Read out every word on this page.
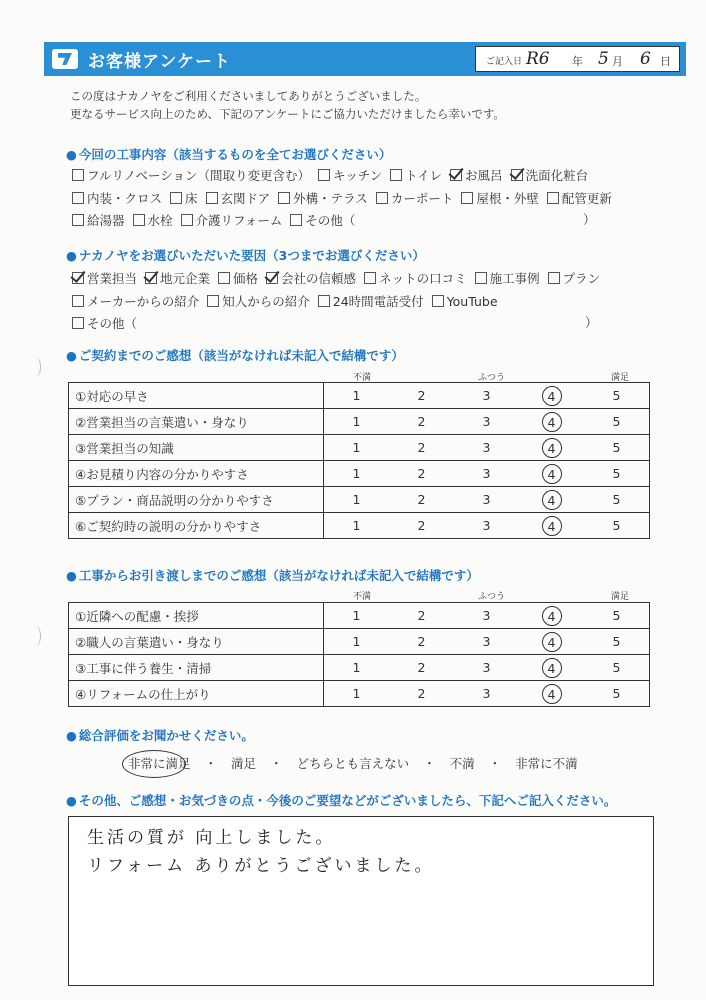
お客様アンケート	ご記入日 R6 年 5 月 6 日
この度はナカノヤをご利用くださいましてありがとうございました。
更なるサービス向上のため、下記のアンケートにご協力いただけましたら幸いです。
● 今回の工事内容（該当するものを全てお選びください）
フルリノベーション（間取り変更含む） キッチン トイレ お風呂 洗面化粧台
内装・クロス 床 玄関ドア 外構・テラス カーポート 屋根・外壁 配管更新
給湯器 水栓 介護リフォーム その他（	）
● ナカノヤをお選びいただいた要因（3つまでお選びください）
営業担当 地元企業 価格 会社の信頼感 ネットの口コミ 施工事例 プラン
メーカーからの紹介 知人からの紹介 24時間電話受付 YouTube
その他（	）
● ご契約までのご感想（該当がなければ未記入で結構です）
不満	ふつう	満足
①対応の早さ	1	2	3	4	5
②営業担当の言葉遣い・身なり	1	2	3	4	5
③営業担当の知識	1	2	3	4	5
④お見積り内容の分かりやすさ	1	2	3	4	5
⑤プラン・商品説明の分かりやすさ	1	2	3	4	5
⑥ご契約時の説明の分かりやすさ	1	2	3	4	5
● 工事からお引き渡しまでのご感想（該当がなければ未記入で結構です）
不満	ふつう	満足
①近隣への配慮・挨拶	1	2	3	4	5
②職人の言葉遣い・身なり	1	2	3	4	5
③工事に伴う養生・清掃	1	2	3	4	5
④リフォームの仕上がり	1	2	3	4	5
● 総合評価をお聞かせください。
非常に満足 ・ 満足 ・ どちらとも言えない ・ 不満 ・ 非常に不満
● その他、ご感想・お気づきの点・今後のご要望などがございましたら、下記へご記入ください。
生活の質が 向上しました。
リフォーム ありがとうございました。
